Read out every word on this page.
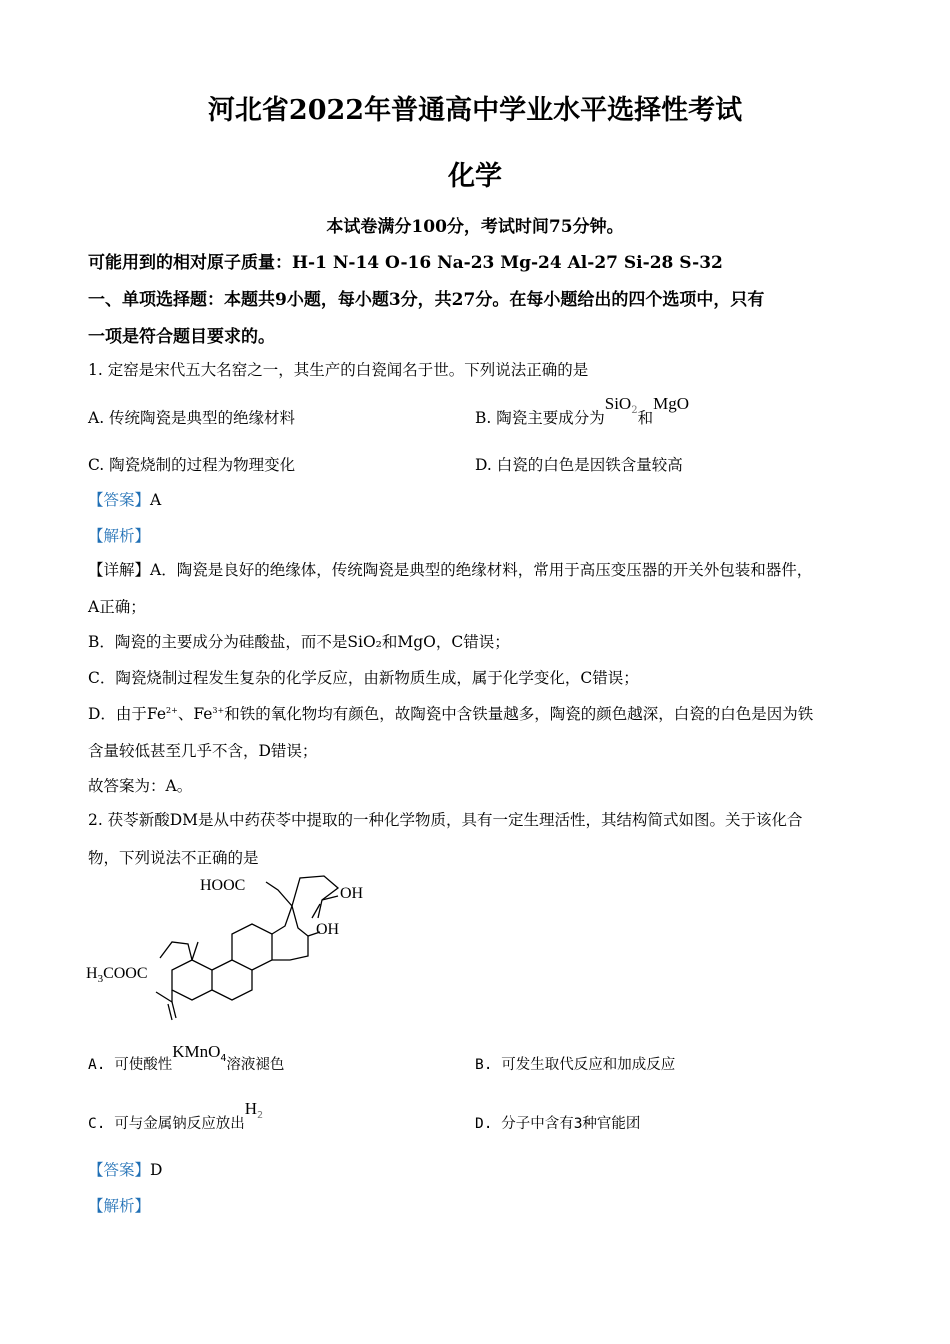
河北省2022年普通高中学业水平选择性考试
化学
本试卷满分100分，考试时间75分钟。
可能用到的相对原子质量：H-1 N-14 O-16 Na-23 Mg-24 Al-27 Si-28 S-32
一、单项选择题：本题共9小题，每小题3分，共27分。在每小题给出的四个选项中，只有
一项是符合题目要求的。
1. 定窑是宋代五大名窑之一，其生产的白瓷闻名于世。下列说法正确的是
A. 传统陶瓷是典型的绝缘材料	B. 陶瓷主要成分为SiO$^2$和MgO
C. 陶瓷烧制的过程为物理变化	D. 白瓷的白色是因铁含量较高
【答案】A
【解析】
【详解】A．陶瓷是良好的绝缘体，传统陶瓷是典型的绝缘材料，常用于高压变压器的开关外包装和器件，
A正确；
B．陶瓷的主要成分为硅酸盐，而不是SiO₂和MgO，C错误；
C．陶瓷烧制过程发生复杂的化学反应，由新物质生成，属于化学变化，C错误；
D．由于$Fe^{2+}$、$Fe^{3+}$和铁的氧化物均有颜色，故陶瓷中含铁量越多，陶瓷的颜色越深，白瓷的白色是因为铁
含量较低甚至几乎不含，D错误；
故答案为：A。
2. 茯苓新酸DM是从中药茯苓中提取的一种化学物质，具有一定生理活性，其结构简式如图。关于该化合
物，下列说法不正确的是
HOOC	OH
OH
$H_3COOC$
A. 可使酸性KMnO$^4$溶液褪色	B. 可发生取代反应和加成反应
C. 可与金属钠反应放出$H^2$
D. 分子中含有3种官能团
【答案】D
【解析】
